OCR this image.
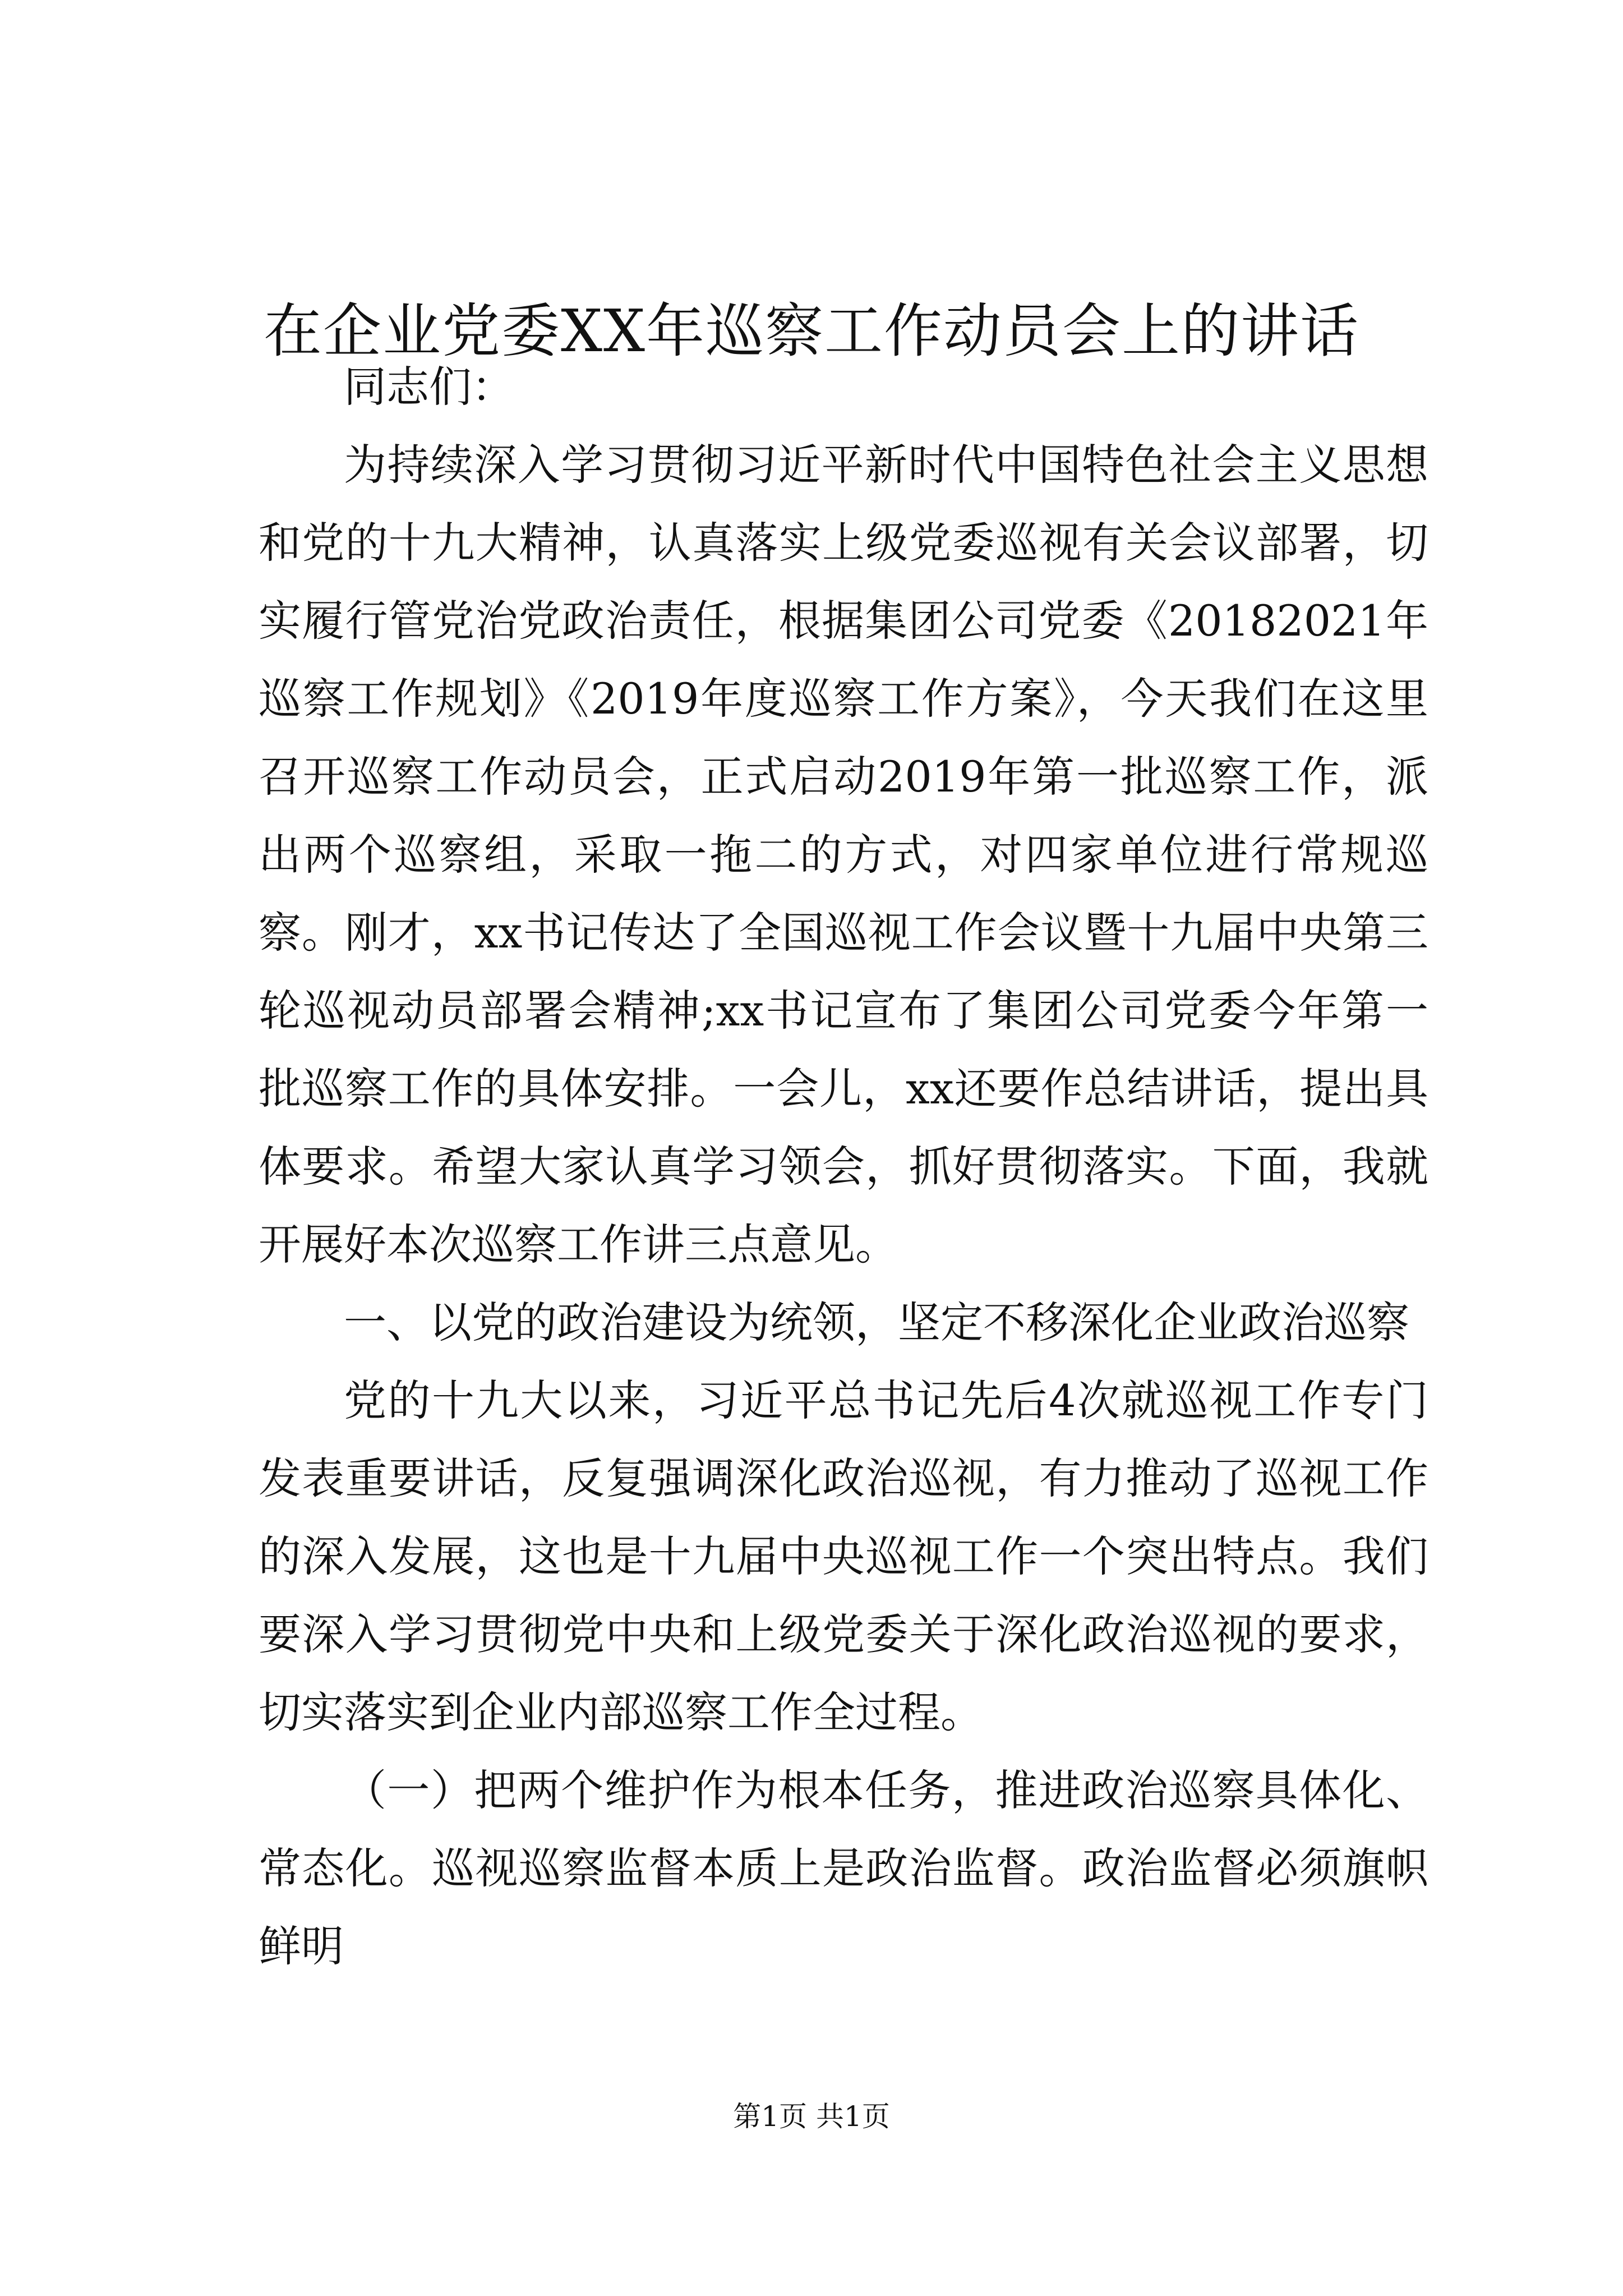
在企业党委XX年巡察工作动员会上的讲话

同志们：

为持续深入学习贯彻习近平新时代中国特色社会主义思想和党的十九大精神，认真落实上级党委巡视有关会议部署，切实履行管党治党政治责任，根据集团公司党委《20182021年巡察工作规划》《2019年度巡察工作方案》，今天我们在这里召开巡察工作动员会，正式启动2019年第一批巡察工作，派出两个巡察组，采取一拖二的方式，对四家单位进行常规巡察。刚才，xx书记传达了全国巡视工作会议暨十九届中央第三轮巡视动员部署会精神;xx书记宣布了集团公司党委今年第一批巡察工作的具体安排。一会儿，xx还要作总结讲话，提出具体要求。希望大家认真学习领会，抓好贯彻落实。下面，我就开展好本次巡察工作讲三点意见。

一、以党的政治建设为统领，坚定不移深化企业政治巡察

党的十九大以来，习近平总书记先后4次就巡视工作专门发表重要讲话，反复强调深化政治巡视，有力推动了巡视工作的深入发展，这也是十九届中央巡视工作一个突出特点。我们要深入学习贯彻党中央和上级党委关于深化政治巡视的要求，切实落实到企业内部巡察工作全过程。

（一）把两个维护作为根本任务，推进政治巡察具体化、常态化。巡视巡察监督本质上是政治监督。政治监督必须旗帜鲜明

第1页 共1页
